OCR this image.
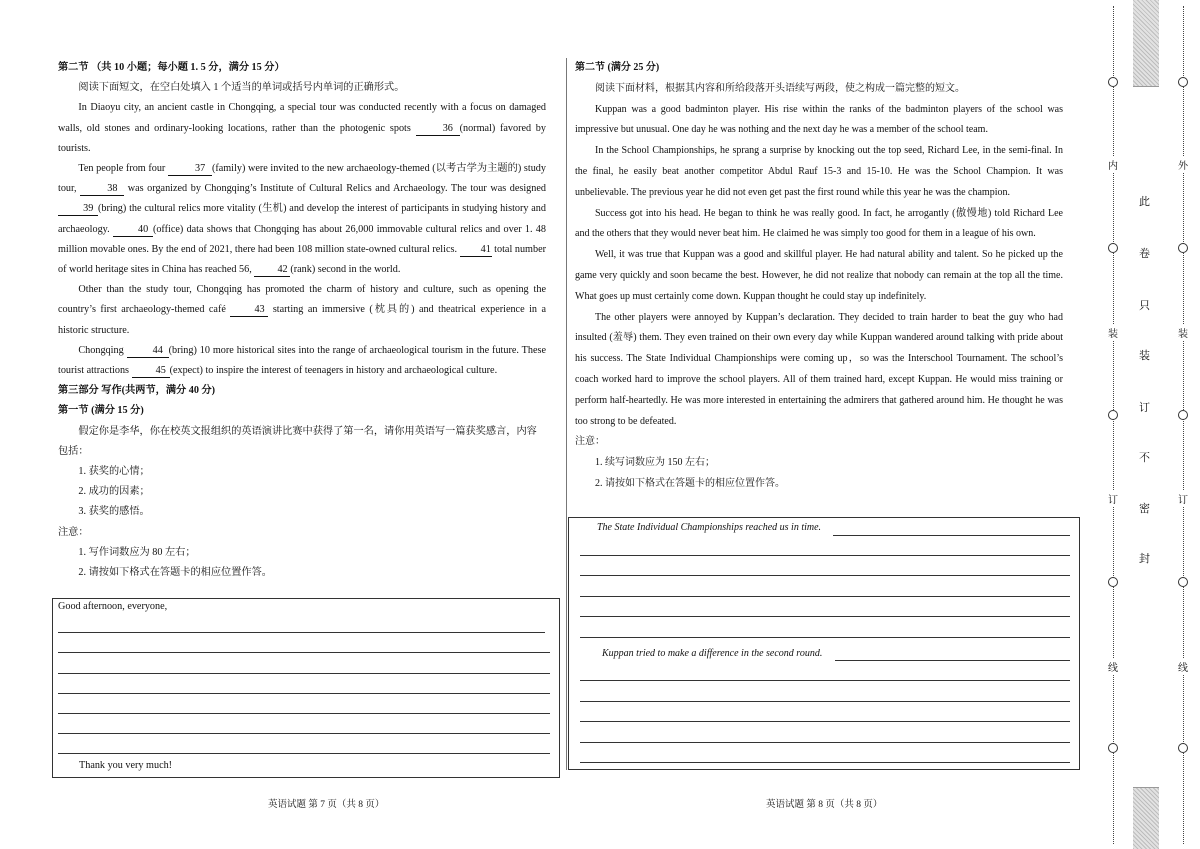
第二节 （共 10 小题；每小题 1. 5 分，满分 15 分）

阅读下面短文，在空白处填入 1 个适当的单词或括号内单词的正确形式。

In Diaoyu city, an ancient castle in Chongqing, a special tour was conducted recently with a focus on damaged walls, old stones and ordinary-looking locations, rather than the photogenic spots	36 (normal) favored by tourists.

Ten people from four	37 (family) were invited to the new archaeology-themed (以考古学为主题的) study tour,	38 was organized by Chongqing’s Institute of Cultural Relics and Archaeology. The tour was designed 39 (bring) the cultural relics more vitality (生机) and develop the interest of participants in studying history and archaeology. 40 (office) data shows that Chongqing has about 26,000 immovable cultural relics and over 1. 48 million movable ones. By the end of 2021, there had been 108 million state-owned cultural relics. 41 total number of world heritage sites in China has reached 56, 42 (rank) second in the world.

Other than the study tour, Chongqing has promoted the charm of history and culture, such as opening the country’s first archaeology-themed café 43 starting an immersive (枕具的) and theatrical experience in a historic structure.

Chongqing	44 (bring) 10 more historical sites into the range of archaeological tourism in the future. These tourist attractions 45 (expect) to inspire the interest of teenagers in history and archaeological culture.

第三部分 写作(共两节，满分 40 分)

第一节 (满分 15 分)

假定你是李华，你在校英文报组织的英语演讲比赛中获得了第一名，请你用英语写一篇获奖感言，内容包括：

1. 获奖的心情；

2. 成功的因素；

3. 获奖的感悟。

注意：

1. 写作词数应为 80 左右；

2. 请按如下格式在答题卡的相应位置作答。

Good afternoon, everyone,
Thank you very much!

第二节 (满分 25 分)

阅读下面材料，根据其内容和所给段落开头语续写两段，使之构成一篇完整的短文。

Kuppan was a good badminton player. His rise within the ranks of the badminton players of the school was impressive but unusual. One day he was nothing and the next day he was a member of the school team.

In the School Championships, he sprang a surprise by knocking out the top seed, Richard Lee, in the semi-final. In the final, he easily beat another competitor Abdul Rauf 15-3 and 15-10. He was the School Champion. It was unbelievable. The previous year he did not even get past the first round while this year he was the champion.

Success got into his head. He began to think he was really good. In fact, he arrogantly (傲慢地) told Richard Lee and the others that they would never beat him. He claimed he was simply too good for them in a league of his own.

Well, it was true that Kuppan was a good and skillful player. He had natural ability and talent. So he picked up the game very quickly and soon became the best. However, he did not realize that nobody can remain at the top all the time. What goes up must certainly come down. Kuppan thought he could stay up indefinitely.

The other players were annoyed by Kuppan’s declaration. They decided to train harder to beat the guy who had insulted (羞辱) them. They even trained on their own every day while Kuppan wandered around talking with pride about his success. The State Individual Championships were coming up，so was the Interschool Tournament. The school’s coach worked hard to improve the school players. All of them trained hard, except Kuppan. He would miss training or perform half-heartedly. He was more interested in entertaining the admirers that gathered around him. He thought he was too strong to be defeated.

注意：

1. 续写词数应为 150 左右；

2. 请按如下格式在答题卡的相应位置作答。

The State Individual Championships reached us in time.
Kuppan tried to make a difference in the second round.
英语试题 第 7 页（共 8 页）	英语试题 第 8 页（共 8 页）
内
装
订
线
此
卷
只
装
订
不
密
封
外
装
订
线
